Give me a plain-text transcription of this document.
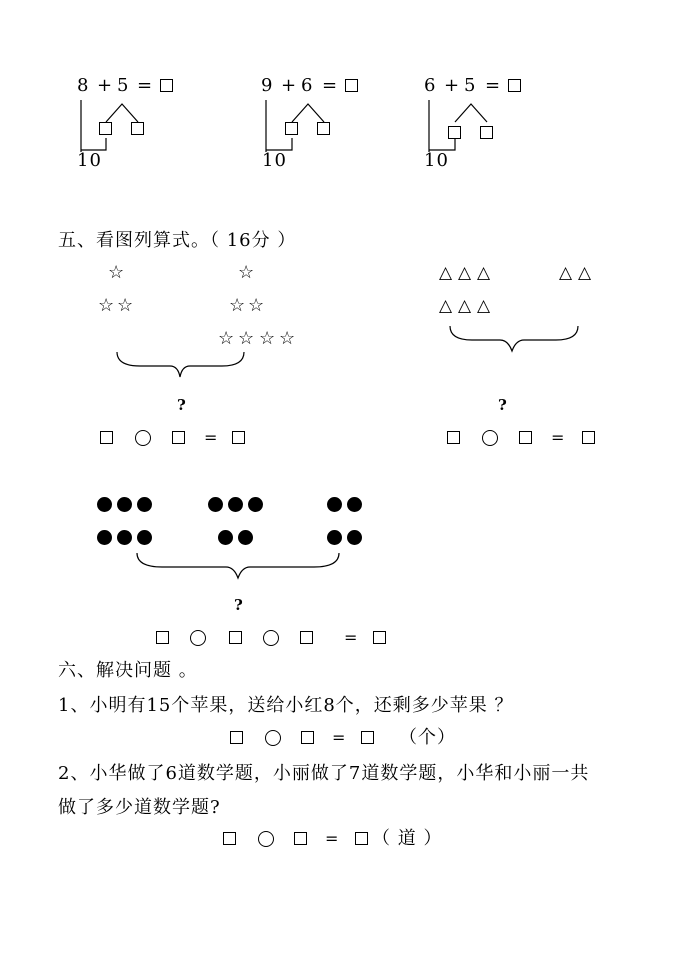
8 + 5 =
10
9 + 6 =
10
6 + 5 =
10
五、看图列算式。（ 16分 ）
☆
☆ ☆
☆
☆ ☆
☆ ☆ ☆ ☆
?
=
△ △ △	△ △
△ △ △
?
=
?
=
六、解决问题 。
1、小明有15个苹果，送给小红8个，还剩多少苹果 ？
=	（个）
2、小华做了6道数学题，小丽做了7道数学题，小华和小丽一共
做了多少道数学题?
= （ 道 ）
